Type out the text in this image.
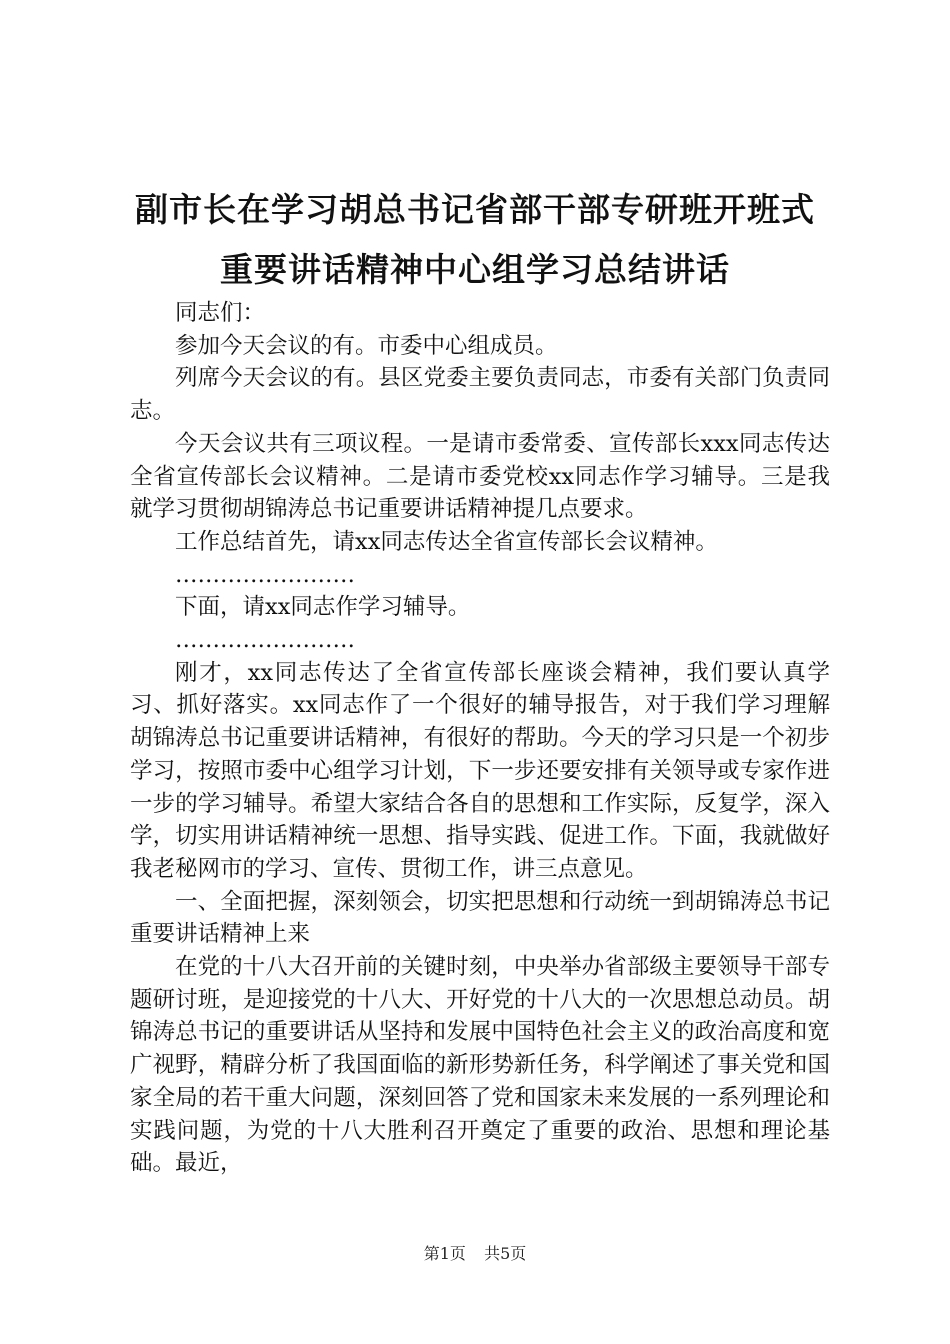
副市长在学习胡总书记省部干部专研班开班式
重要讲话精神中心组学习总结讲话

同志们：

参加今天会议的有。市委中心组成员。

列席今天会议的有。县区党委主要负责同志，市委有关部门负责同志。

今天会议共有三项议程。一是请市委常委、宣传部长xxx同志传达全省宣传部长会议精神。二是请市委党校xx同志作学习辅导。三是我就学习贯彻胡锦涛总书记重要讲话精神提几点要求。

工作总结首先，请xx同志传达全省宣传部长会议精神。

……………………

下面，请xx同志作学习辅导。

……………………

刚才，xx同志传达了全省宣传部长座谈会精神，我们要认真学习、抓好落实。xx同志作了一个很好的辅导报告，对于我们学习理解胡锦涛总书记重要讲话精神，有很好的帮助。今天的学习只是一个初步学习，按照市委中心组学习计划，下一步还要安排有关领导或专家作进一步的学习辅导。希望大家结合各自的思想和工作实际，反复学，深入学，切实用讲话精神统一思想、指导实践、促进工作。下面，我就做好我老秘网市的学习、宣传、贯彻工作，讲三点意见。

一、全面把握，深刻领会，切实把思想和行动统一到胡锦涛总书记重要讲话精神上来

在党的十八大召开前的关键时刻，中央举办省部级主要领导干部专题研讨班，是迎接党的十八大、开好党的十八大的一次思想总动员。胡锦涛总书记的重要讲话从坚持和发展中国特色社会主义的政治高度和宽广视野，精辟分析了我国面临的新形势新任务，科学阐述了事关党和国家全局的若干重大问题，深刻回答了党和国家未来发展的一系列理论和实践问题，为党的十八大胜利召开奠定了重要的政治、思想和理论基础。最近，

第1页 共5页
